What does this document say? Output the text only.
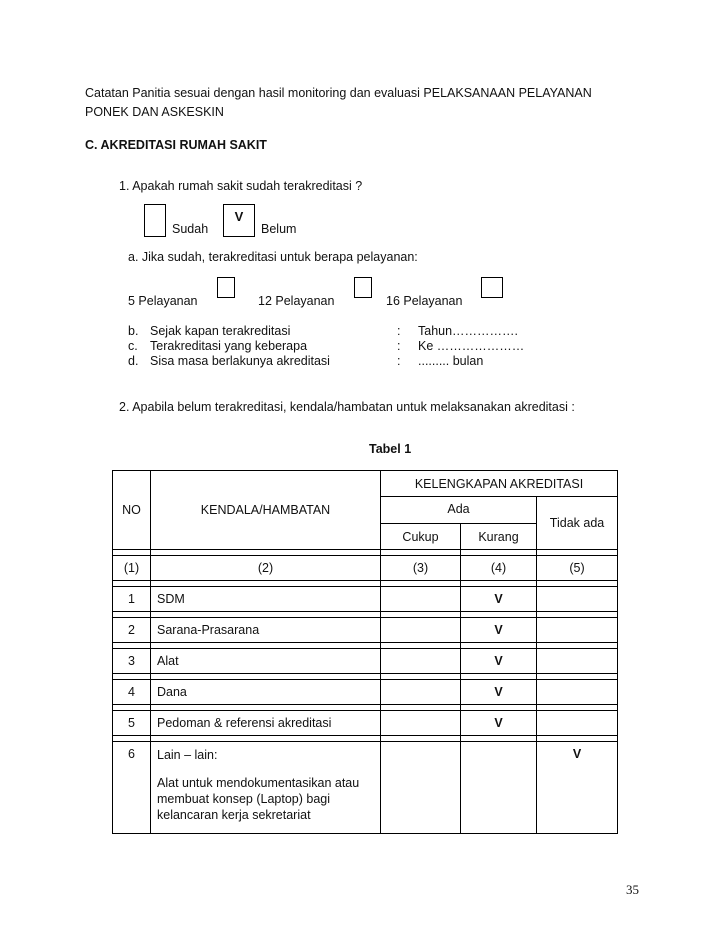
Catatan Panitia sesuai dengan hasil monitoring dan evaluasi PELAKSANAAN PELAYANAN
PONEK DAN ASKESKIN
C. AKREDITASI RUMAH SAKIT
1. Apakah rumah sakit sudah terakreditasi ?
Sudah
V
Belum
a. Jika sudah, terakreditasi untuk berapa pelayanan:
5 Pelayanan	12 Pelayanan	16 Pelayanan
b. Sejak kapan terakreditasi	: Tahun…………….
c. Terakreditasi yang keberapa	: Ke …………………
d. Sisa masa berlakunya akreditasi	: ......... bulan
2. Apabila belum terakreditasi, kendala/hambatan untuk melaksanakan akreditasi :
Tabel 1
NO	KENDALA/HAMBATAN	KELENGKAPAN AKREDITASI		
		Ada		Tidak ada
		Cukup	Kurang	

(1)	(2)	(3)	(4)	(5)

1	SDM		V	

2	Sarana-Prasarana		V	

3	Alat		V	

4	Dana		V	

5	Pedoman & referensi akreditasi		V	

6	Lain – lain:
Alat untuk mendokumentasikan atau
membuat konsep (Laptop) bagi
kelancaran kerja sekretariat			V
35
